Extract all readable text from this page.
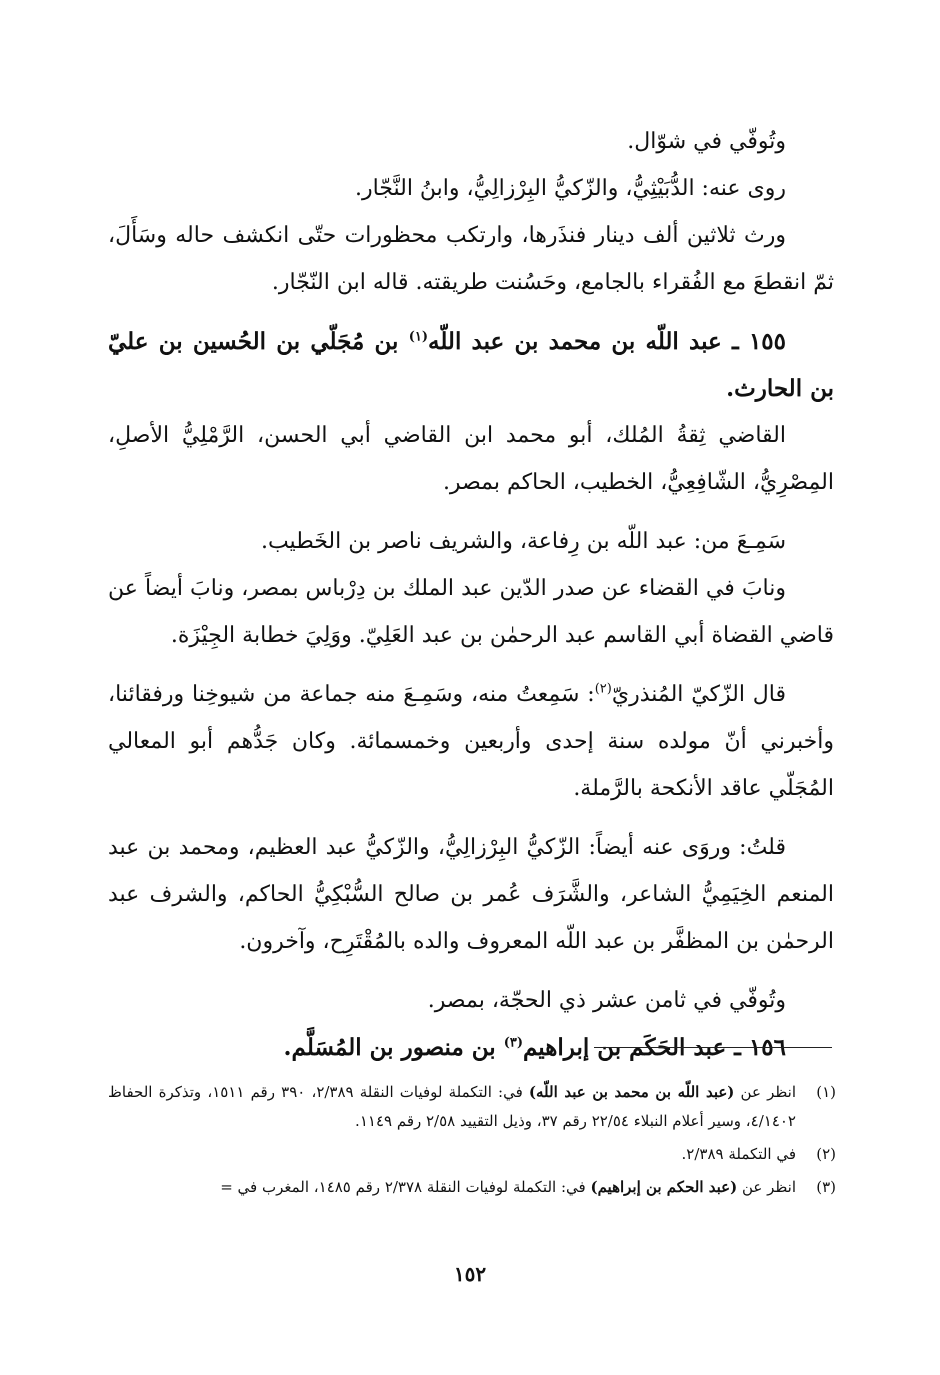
وتُوفّي في شوّال.

روى عنه: الدُّبَيْثِيُّ، والزّكيُّ البِرْزالِيُّ، وابنُ النَّجّار.

ورث ثلاثين ألف دينار فنذَرها، وارتكب محظورات حتّى انكشف حاله وسَأَلَ، ثمّ انقطعَ مع الفُقراء بالجامع، وحَسُنت طريقته. قاله ابن النّجّار.

١٥٥ ـ عبد اللّه بن محمد بن عبد اللّه$^{(١)}$ بن مُجَلّي بن الحُسين بن عليّ بن الحارث.

القاضي ثِقةُ المُلك، أبو محمد ابن القاضي أبي الحسن، الرَّمْلِيُّ الأصلِ، المِصْرِيُّ، الشّافِعِيُّ، الخطيب، الحاكم بمصر.

سَمِـعَ من: عبد اللّه بن رِفاعة، والشريف ناصر بن الخَطيب.

ونابَ في القضاء عن صدر الدّين عبد الملك بن دِرْباس بمصر، ونابَ أيضاً عن قاضي القضاة أبي القاسم عبد الرحمٰن بن عبد العَلِيّ. ووَلِيَ خطابة الجِيْزَة.

قال الزّكيّ المُنذريّ$^{(٢)}$: سَمِعتُ منه، وسَمِـعَ منه جماعة من شيوخِنا ورفقائنا، وأخبرني أنّ مولده سنة إحدى وأربعين وخمسمائة. وكان جَدُّهم أبو المعالي المُجَلّي عاقد الأنكحة بالرَّملة.

قلتُ: وروَى عنه أيضاً: الزّكيُّ البِرْزالِيُّ، والزّكيُّ عبد العظيم، ومحمد بن عبد المنعم الخِيَمِيُّ الشاعر، والشَّرَف عُمر بن صالح السُّبْكِيُّ الحاكم، والشرف عبد الرحمٰن بن المظفَّر بن عبد اللّه المعروف والده بالمُقْتَرِح، وآخرون.

وتُوفّي في ثامن عشر ذي الحجّة، بمصر.

١٥٦ ـ عبد الحَكَم بن إبراهيم$^{(٣)}$ بن منصور بن المُسَلَّم.
(١)
انظر عن (عبد اللّه بن محمد بن عبد اللّه) في: التكملة لوفيات النقلة ٢/٣٨٩، ٣٩٠ رقم ١٥١١، وتذكرة الحفاظ ٤/١٤٠٢، وسير أعلام النبلاء ٢٢/٥٤ رقم ٣٧، وذيل التقييد ٢/٥٨ رقم ١١٤٩.
(٢)
في التكملة ٢/٣٨٩.
(٣)
انظر عن (عبد الحكم بن إبراهيم) في: التكملة لوفيات النقلة ٢/٣٧٨ رقم ١٤٨٥، المغرب في =
١٥٢
